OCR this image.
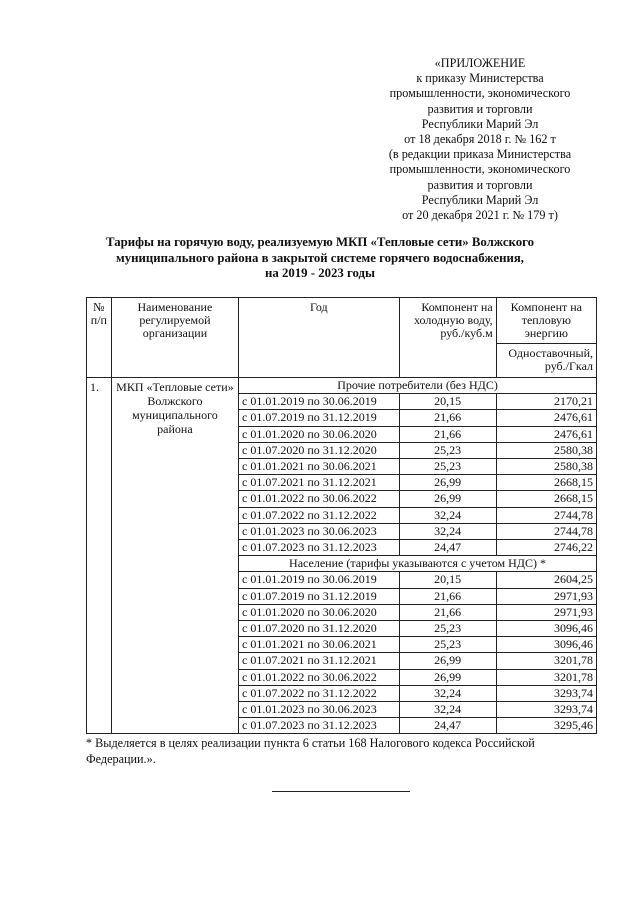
«ПРИЛОЖЕНИЕ
к приказу Министерства
промышленности, экономического
развития и торговли
Республики Марий Эл
от 18 декабря 2018 г. № 162 т
(в редакции приказа Министерства
промышленности, экономического
развития и торговли
Республики Марий Эл
от 20 декабря 2021 г. № 179 т)
Тарифы на горячую воду, реализуемую МКП «Тепловые сети» Волжского
муниципального района в закрытой системе горячего водоснабжения,
на 2019 - 2023 годы
№ п/п	Наименование регулируемой организации	Год	Компонент на холодную воду, руб./куб.м	Компонент на тепловую энергию
				Одноставочный, руб./Гкал
1.	МКП «Тепловые сети» Волжского муниципального района	Прочие потребители (без НДС)		
		с 01.01.2019 по 30.06.2019	20,15	2170,21
		с 01.07.2019 по 31.12.2019	21,66	2476,61
		с 01.01.2020 по 30.06.2020	21,66	2476,61
		с 01.07.2020 по 31.12.2020	25,23	2580,38
		с 01.01.2021 по 30.06.2021	25,23	2580,38
		с 01.07.2021 по 31.12.2021	26,99	2668,15
		с 01.01.2022 по 30.06.2022	26,99	2668,15
		с 01.07.2022 по 31.12.2022	32,24	2744,78
		с 01.01.2023 по 30.06.2023	32,24	2744,78
		с 01.07.2023 по 31.12.2023	24,47	2746,22
		Население (тарифы указываются с учетом НДС) *		
		с 01.01.2019 по 30.06.2019	20,15	2604,25
		с 01.07.2019 по 31.12.2019	21,66	2971,93
		с 01.01.2020 по 30.06.2020	21,66	2971,93
		с 01.07.2020 по 31.12.2020	25,23	3096,46
		с 01.01.2021 по 30.06.2021	25,23	3096,46
		с 01.07.2021 по 31.12.2021	26,99	3201,78
		с 01.01.2022 по 30.06.2022	26,99	3201,78
		с 01.07.2022 по 31.12.2022	32,24	3293,74
		с 01.01.2023 по 30.06.2023	32,24	3293,74
		с 01.07.2023 по 31.12.2023	24,47	3295,46
* Выделяется в целях реализации пункта 6 статьи 168 Налогового кодекса Российской Федерации.».
